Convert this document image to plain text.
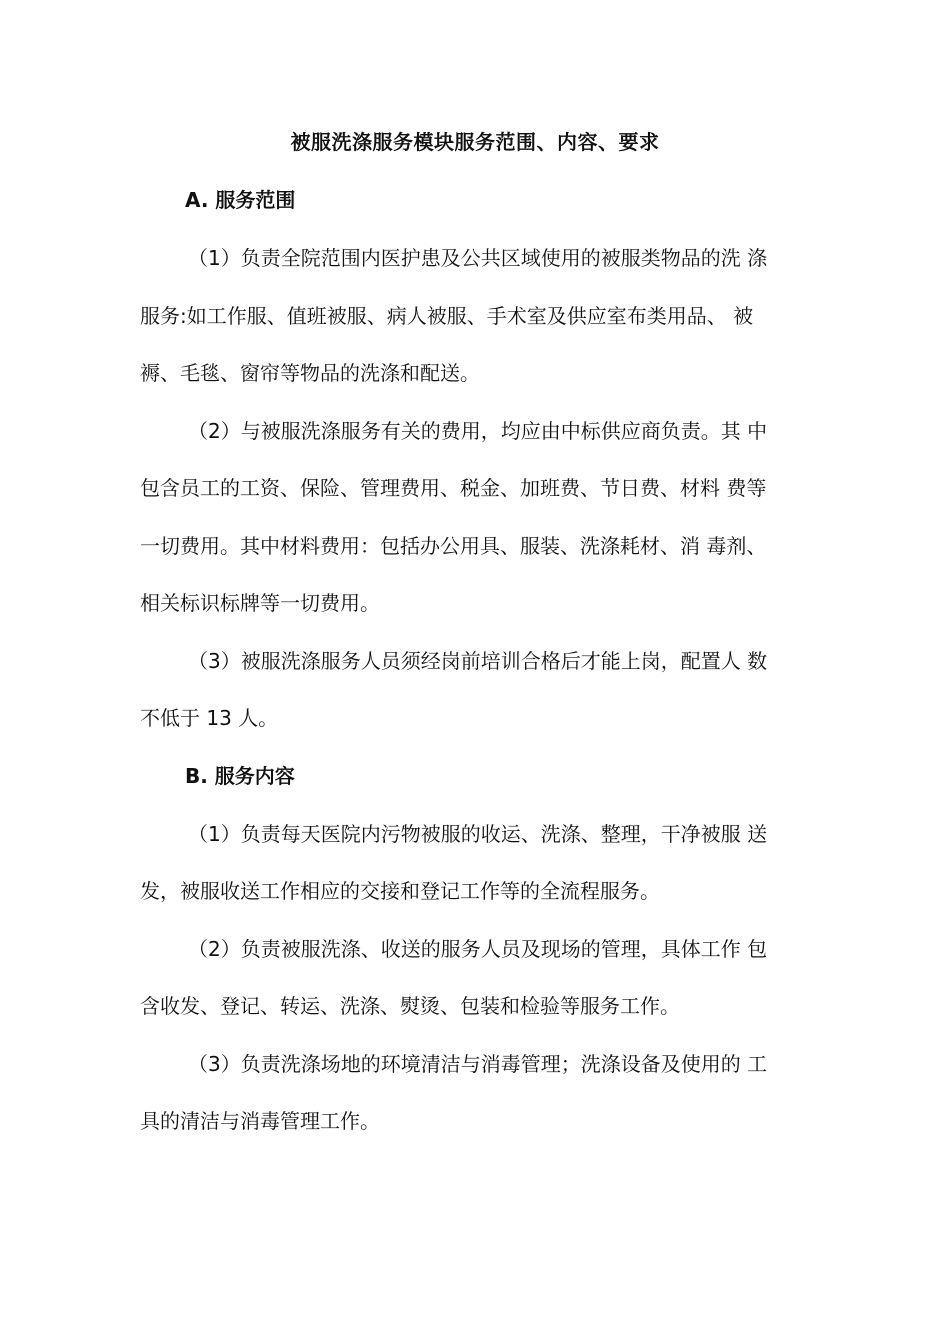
被服洗涤服务模块服务范围、内容、要求
A. 服务范围
（1）负责全院范围内医护患及公共区域使用的被服类物品的洗 涤
服务:如工作服、值班被服、病人被服、手术室及供应室布类用品、 被
褥、毛毯、窗帘等物品的洗涤和配送。
（2）与被服洗涤服务有关的费用，均应由中标供应商负责。其 中
包含员工的工资、保险、管理费用、税金、加班费、节日费、材料 费等
一切费用。其中材料费用：包括办公用具、服装、洗涤耗材、消 毒剂、
相关标识标牌等一切费用。
（3）被服洗涤服务人员须经岗前培训合格后才能上岗，配置人 数
不低于 13 人。
B. 服务内容
（1）负责每天医院内污物被服的收运、洗涤、整理，干净被服 送
发，被服收送工作相应的交接和登记工作等的全流程服务。
（2）负责被服洗涤、收送的服务人员及现场的管理，具体工作 包
含收发、登记、转运、洗涤、熨烫、包装和检验等服务工作。
（3）负责洗涤场地的环境清洁与消毒管理；洗涤设备及使用的 工
具的清洁与消毒管理工作。
